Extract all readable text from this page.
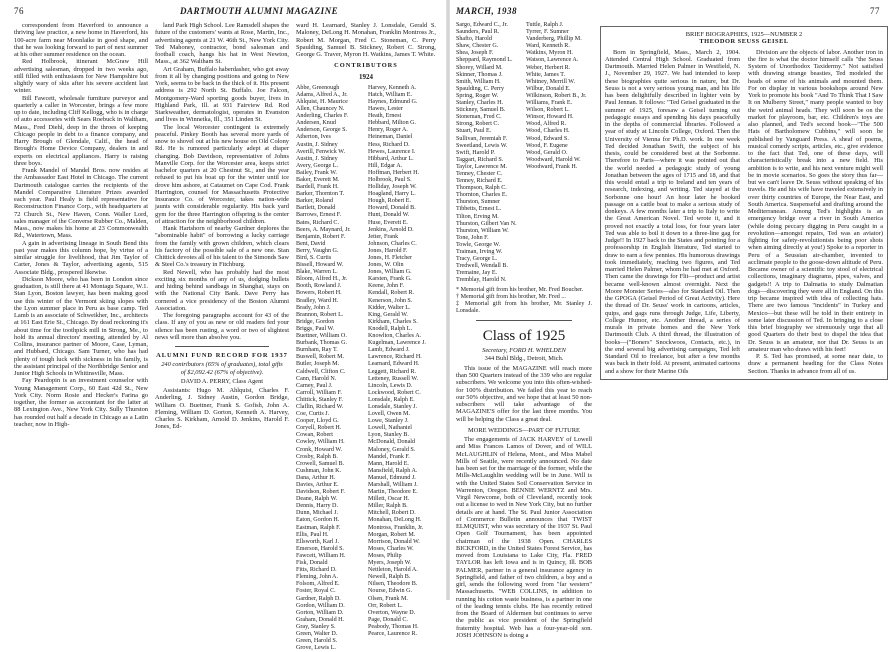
76	DARTMOUTH ALUMNI MAGAZINE

correspondent from Haverford to announce a thriving law practice, a new home in Haverford, his 100-acre farm near Moonlaike in good shape, and that he was looking forward to part of next summer at his other summer residence on the ocean.

Red Holbrook, itinerant McGraw Hill advertising salesman, dropped in two weeks ago, still filled with enthusiasm for New Hampshire but slightly wary of skis after his severe accident last winter.

Bill Fawcett, wholesale furniture purveyor and quarterly a caller in Worcester, brings a few more up to date, including Cliff Kellogg, who is in charge of auto accessories with Sears Roebuck in Waltham, Mass., Fred Diehl, deep in the throes of keeping Chicago people in debt to a finance company, and Harry Brough of Glendale, Calif., the head of Brough's Home Device Company, dealers in and experts on electrical appliances. Harry is raising three boys.

Frank Mandel of Mandel Bros. now resides at the Ambassador East Hotel in Chicago. The current Dartmouth catalogue carries the recipients of the Mandel Comparative Literature Prizes awarded each year. Paul Healy is field representative for Reconstruction Finance Corp., with headquarters at 72 Church St., New Haven, Conn. Waller Lord, sales manager of the Converse Rubber Co., Malden, Mass., now makes his home at 23 Commonwealth Rd., Watertown, Mass.

A gain in advertising lineage in South Bend this past year makes this column hope, by virtue of a similar struggle for livelihood, that Jim Taylor of Carter, Jones & Taylor, advertising agents, 515 Associate Bldg., prospered likewise.

Dickson Moore, who has been in London since graduation, is still there at 41 Montagu Square, W.1. Stan Lyon, Boston lawyer, has been making good use this winter of the Vermont skiing slopes with the Lyon summer place in Peru as base camp. Ted Lamb is an associate of Schweikher, Inc., architects at 161 East Erie St., Chicago. By dead reckoning it's about time for the toothpick mill in Strong, Me., to hold its annual directors' meeting, attended by Al Collins, insurance partner of Moore, Case, Lyman, and Hubbard, Chicago. Sam Turner, who has had plenty of tough luck with sickness in his family, is the assistant principal of the Northbridge Senior and Junior High Schools in Whitinsville, Mass.

Fay Peardopin is an investment counselor with Young Management Corp., 60 East 42d St., New York City. Norm Rosie and Hecker's Farina go together, the former as accountant for the latter at 88 Lexington Ave., New York City. Sully Thurston has rounded out half a decade in Chicago as a Latin teacher, now in High-

land Park High School. Lee Ramsdell shapes the future of the customers' wants at Rose, Martin, Inc., advertising agents at 21 W. 46th St., New York City. Ted Mahoney, contractor, bond salesman and football coach, hangs his hat in West Newton, Mass., at 362 Waltham St.

Art Graham, Buffalo haberdasher, who got away from it all by changing positions and going to New York, seems to be back in the thick of it. His present address is 292 North St. Buffalo. Joe Falcon, Montgomery-Ward sporting goods buyer, lives in Highland Park, Ill. at 931 Fairview Rd. Rod Starkweather, dermatologist, operates in Evanston and lives in Winnetka, Ill., 351 Linden St.

The local Worcester contingent is extremely peaceful. Pinkey Booth has several more yards of snow to shovel out at his new house on Old Colony Rd. He is rumored particularly adept at diaper changing. Bob Davidson, representative of Johns Manville Corp. for the Worcester area, keeps strict bachelor quarters at 20 Chestnut St., and the year refused to put his boat up for the winter until ice drove him ashore, at Cataumet on Cape Cod. Frank Harrington, counsel for Massachusetts Protective Insurance Co. of Worcester, takes nation-wide jaunts with considerable regularity. His back yard gym for the three Harrington offspring is the center of attraction for the neighborhood children.

Hank Hartshorn of nearby Gardner deplores the "abominable habit" of borrowing a lucky carriage from the family with grown children, which clears his factory of the possible sale of a new one. Stan Chittick devotes all of his talent to the Simonds Saw & Steel Co.'s treasury in Fitchburg.

Red Newell, who has probably had the most exciting six months of any of us, dodging bullets and hiding behind sandbags in Shanghai, stays on with the National City Bank. Dave Perry has cornered a vice presidency of the Boston Alumni Association.

The foregoing paragraphs account for 43 of the class. If any of you as new or old readers fed your silence has been rusting, a word or two of slightest news will more than absolve you.

ALUMNI FUND RECORD FOR 1937
240 contributors (65% of graduates), total gifts of $2,092.42 (67% of objective).
DAVID A. PERRY, Class Agent

Assistants: Hugo M. Ahlquist, Charles F. Anderling, J. Sidney Austin, Gordon Bridge, William O. Buettner, Frank S. Gofish, John A. Fleming, William D. Gorton, Kenneth A. Harvey, Charles S. Kirkham, Arnold D. Jenkins, Harold F. Jones, Ed-

ward H. Learnard, Stanley J. Lonsdale, Gerald S. Maloney, DeLong H. Monahan, Franklin Montross Jr., Robert M. Morgan, Fred C. Stoneman, C. Perry Spaulding, Samuel B. Stickney, Robert C. Strong, George G. Traver, Myron H. Watkins, James T. White.

CONTRIBUTORS
1924
Abbe, Greenough
Adams, Alfred A., Jr.
Ahlquist, H. Maurice
Allen, Chauncey N.
Anderling, Charles F.
Andersen, Knud
Anderson, George S.
Atherton, Ives
Austin, J. Sidney
Averill, Fenwick W.
Austin, J. Sidney
Avery, George L.
Bailey, Frank W.
Baker, Everett M.
Bardell, Frank H.
Barker, Thornton T.
Barker, Roland
Bartlett, Donald
Barrows, Ernest F.
Bates, Richard C.
Beers, A. Maynard, Jr.
Benjamin, Robert F.
Bent, David
Berry, Vaughn G.
Bird, S. Curtis
Bissell, Howard W.
Blake, Warren L.
Bloom, Alfred H., Jr.
Booth, Rowland J.
Bowers, Robert H.
Bradley, Ward H.
Brady, John J.
Brannon, Robert L.
Bridge, Gordon
Briggs, Paul W.
Buettner, William O.
Burbank, Thomas G.
Burnham, Ray T.
Buswell, Robert M.
Butler, Joseph M.
Caldwell, Clifton C.
Cann, Harold N.
Carney, Paul J.
Carroll, William F.
Chittick, Stanley F.
Claflin, Richard W.
Coe, Curtis J.
Cooper, Lloyd G.
Coryell, Robert H.
Cowan, Robert
Cowley, William H.
Cronk, Howard W.
Crosby, Ralph B.
Crowell, Samuel B.
Cushman, John K.
Dana, Arthur H.
Davies, Arthur E.
Davidson, Robert F.
Deane, Ralph W.
Dennis, Harry D.
Dunn, Michael J.
Eaton, Gordon H.
Eastman, Ralph F.
Ellis, Paul H.
Ellsworth, Karl J.
Emerson, Harold S.
Fawcett, William H.
Fisk, Donald
Fitts, Richard D.
Fleming, John A.
Folsom, Alfred E.
Foster, Royal C.
Gardner, Ralph D.
Gordon, William D.
Gorton, William D.
Graham, Donald H.
Gray, Stanley S.
Green, Walter D.
Green, Harold S.
Grove, Lewis L.
Harvey, Kenneth A.
Hatch, William E.
Haynes, Edmund G.
Hawes, Lester
Heath, Ernest
Hebbard, Milton G.
Henry, Roger A.
Heineman, Daniel
Hess, Richard D.
Hewes, Laurence I.
Hibbard, Arthur L.
Hill, Edgar A.
Hoffman, Herbert H.
Holbrook, Paul S.
Holliday, Joseph W.
Hoagland, Harry L.
Hough, Robert E.
Howard, Donald B.
Hunt, Donald W.
Huse, Everett E.
Jenkins, Arnold D.
Jetter, Frank
Johnson, Charles C.
Jones, Harold F.
Jones, H. Fletcher
Jones, W. Olin
Jones, William G.
Karsten, Frank G.
Keene, John F.
Kendall, Robert R.
Kenerson, John S.
Kidder, Walter L.
King, Gerald W.
Kirkham, Charles S.
Knodell, Ralph L.
Knowlton, Charles A.
Kugelman, Lawrence J.
Lamb, Edward J.
Lawrence, Richard H.
Learnard, Edward H.
Leggett, Richard R.
Letteney, Russell W.
Lincoln, Lewis D.
Lockwood, Robert C.
Lonsdale, Ralph E.
Lonsdale, Stanley J.
Lovell, Owen M.
Lowe, Stanley J.
Lowell, Nathaniel
Lyon, Stanley B.
McDonald, Donald
Maloney, Gerald S.
Mandel, Frank F.
Mann, Harold E.
Mansfield, Ralph A.
Manuel, Edmund J.
Marshall, William J.
Martin, Theodore E.
Millett, Oscar H.
Miller, Ralph B.
Mitchell, Robert D.
Monahan, DeLong H.
Montross, Franklin, Jr.
Morgan, Robert M.
Morrison, Donald W.
Moses, Charles W.
Moses, Philip
Myers, Joseph W.
Nettleton, Harold A.
Newell, Ralph B.
Nilsen, Theodore B.
Nourse, Edwin G.
Olsen, Frank M.
Orr, Robert L.
Overton, Wayne D.
Page, Donald C.
Peabody, Thomas H.
Pearce, Laurence R.
MARCH, 1938	77
Sargo, Edward C., Jr.
Saunders, Paul R.
Shafto, Harold
Shaw, Chester G.
Shea, Joseph F.
Sheppard, Raymond L.
Shorey, Willard M.
Skinner, Thomas J.
Smith, William H.
Spaulding, C. Perry
Spring, Roger W.
Stanley, Charles H.
Stickney, Samuel B.
Stoneman, Fred C.
Strong, Robert C.
Stuart, Paul E.
Sullivan, Jeremiah F.
Sweetland, Lewis W.
Swift, Harold P.
Taggart, Richard S.
Taylor, Lawrence M.
Tenney, Chester C.
Tenney, Richard E.
Thompson, Ralph C.
Thornton, Charles E.
Thurston, Sumner
Tibbetts, Ernest L.
Tilton, Erving M.
Thurston, Gilbert Van N.
Thurston, William W.
Tone, John F.
Towle, George W.
Traiman, Irving W.
Tracy, George L.
Tredwell, Wendall B.
Tremaine, Jay E.
Tremblay, Harold N.
Tuttle, Ralph J.
Tyrrer, F. Sumner
Vanderberg, Phillip M.
Ward, Kenneth R.
Watkins, Myron H.
Watson, Lawrence A.
Weber, Herbert R.
White, James T.
Whitney, Merrill W.
Wilbur, Donald E.
Wilkinson, Robert B., Jr.
Williams, Frank E.
Wilson, Robert L.
Winsor, Howard H.
Wood, Alfred R.
Wood, Charles H.
Wood, Edward S.
Wood, F. Eugene
Wood, Gerald O.
Woodward, Harold W.
Woodward, Frank H.
* Memorial gift from his brother, Mr. Fred Boucher.
† Memorial gift from his brother, Mr. Fred ...
‡ Memorial gift from his brother, Mr. Stanley J. Lonsdale.
Class of 1925
Secretary, FORD H. WHELDEN
344 Buhl Bldg., Detroit, Mich.

This issue of the MAGAZINE will reach more than 500 Quarters instead of the 339 who are regular subscribers. We welcome you into this often-wished-for 100% distribution. We failed this year to reach our 50% objective, and we hope that at least 50 non-subscribers will take advantage of the MAGAZINE'S offer for the last three months. You will be helping the Class a great deal.

MORE WEDDINGS—PART OF FUTURE

The engagements of JACK HARVEY of Lowell and Miss Frances Lamos of Dover, and of WILL McLAUGHLIN of Helena, Mont., and Miss Mabel Mills of Seattle, were recently announced. No date has been set for the marriage of the former, while the Mills-McLaughlin wedding will be in June. Will is with the United States Soil Conservation Service in Warrenton, Oregon. BENNIE WERNTZ and Mrs. Virgil Newcome, both of Cleveland, recently took out a license to wed in New York City, but no further details are at hand. The St. Paul Junior Association of Commerce Bulletin announces that TWIST ELMQUIST, who was secretary of the 1937 St. Paul Open Golf Tournament, has been appointed chairman of the 1938 Open. CHARLES BICKFORD, in the United States Forest Service, has moved from Louisiana to Lake City, Fla. FRED TAYLOR has left Iowa and is in Quincy, Ill. BOB PALMER, partner in a general insurance agency in Springfield, and father of two children, a boy and a girl, sends the following word from "far western" Massachusetts. "WEB COLLINS, in addition to running his cotton waste business, is a partner in one of the leading tennis clubs. He has recently retired from the Board of Aldermen but continues to serve the public as vice president of the Springfield fraternity hospital. Web has a four-year-old son. JOSH JOHNSON is doing a

BRIEF BIOGRAPHIES, 1925—NUMBER 2
THEODOR SEUSS GEISEL

Born in Springfield, Mass., March 2, 1904. Attended Central High School. Graduated from Dartmouth. Married Helen Palmer in Westfield, N. J., November 29, 1927. We had intended to keep these biographies quite serious in nature, but Dr. Seuss is not a very serious young man, and his life has been delightfully described in lighter vein by Paul Jennan. It follows: "Ted Geisel graduated in the summer of 1925, foresaw a Geisel turning out pedagogic essays and spending his days peacefully in the depths of commercial libraries. Followed a year of study at Lincoln College, Oxford. Then the University of Vienna for Ph.D. work. In one week Ted decided Jonathan Swift, the subject of his thesis, could be considered best at the Sorbonne. Therefore to Paris—where it was pointed out that the world needed a pedagogic study of young Jonathan between the ages of 1715 and 18, and that this would entail a trip to Ireland and ten years of research, indexing, and writing. Ted stayed at the Sorbonne one hour! An hour later he booked passage on a cattle boat to make a serious study of donkeys. A few months later a trip to Italy to write the Great American Novel. Ted wrote it, and it proved not exactly a total loss, for four years later Ted was able to boil it down to a three-line gag for Judge!! In 1927 back to the States and pointing for a professorship in English literature, Ted started to draw to earn a few pennies. His humorous drawings took immediately, reaching two figures, and Ted married Helen Palmer, whom he had met at Oxford. Then came the drawings for Flit—product and artist became well-known almost overnight. Next the Moore Monster Series—also for Standard Oil. Then the GPOGA (Geisel Period of Great Activity). Here the thread of Dr. Seuss' work in cartoons, articles, quips, and gags runs through Judge, Life, Liberty, College Humor, etc. Another thread, a series of murals in private homes and the New York Dartmouth Club. A third thread, the illustration of books—("Boners" Snockwoos, Contacts, etc.), in the end several big advertising campaigns, Ted left Standard Oil to freelance, but after a few months was back in their fold. At present, animated cartoons and a show for their Marine Oils

Division are the objects of labor. Another iron in the fire is what the doctor himself calls "the Seuss System of Unorthodox Taxidermy." Not satisfied with drawing strange beasties, Ted modeled the heads of some of his animals and mounted them. For on display in various bookshops around New York to promote his book "And To Think That I Saw It on Mulberry Street," many people wanted to buy the weird animal heads. They will soon be on the market for playroom, bar, etc. Children's toys are also planned, and Ted's second book—"The 500 Hats of Bartholomew Cubbins," will soon be published by Vanguard Press. A sheaf of poems, musical comedy scripts, articles, etc., give evidence to the fact that Ted, one of these days, will characteristically break into a new field. His ambition is to write, and his next venture might well be in movie scenarios. So goes the story thus far—but we can't leave Dr. Seuss without speaking of his travels. He and his wife have traveled extensively in over thirty countries of Europe, the Near East, and South America. Suspenseful and drafting around the Mediterranean. Among Ted's highlights is an emergency bridge over a river in South America (while doing peccary digging in Peru caught in a revolution—amongst repairs, Ted was an aviator) fighting for safety-revolutionists being poor shots when aiming directly at you!) Spoke to a reporter in Peru of a Seussian air-chamber, invented to acclimate people to the goose-down altitude of Peru. Became owner of a scientific toy stool of electrical collections, imaginary diagrams, pipes, valves, and gadgets!! A trip to Dalmatia to study Dalmatian dogs—discovering they were all in England. On this trip became inspired with idea of collecting hats. There are two famous "incidents" in Turkey and Mexico—but these will be told in their entirety in some later discussion of Ted. In bringing to a close this brief biography we strenuously urge that all good Quarters do their best to dispel the idea that Dr. Seuss is an amateur, nor that Dr. Seuss is an amateur man who draws with his feet!

P. S. Ted has promised, at some near date, to draw a permanent heading for the Class Notes Section. Thanks in advance from all of us.
